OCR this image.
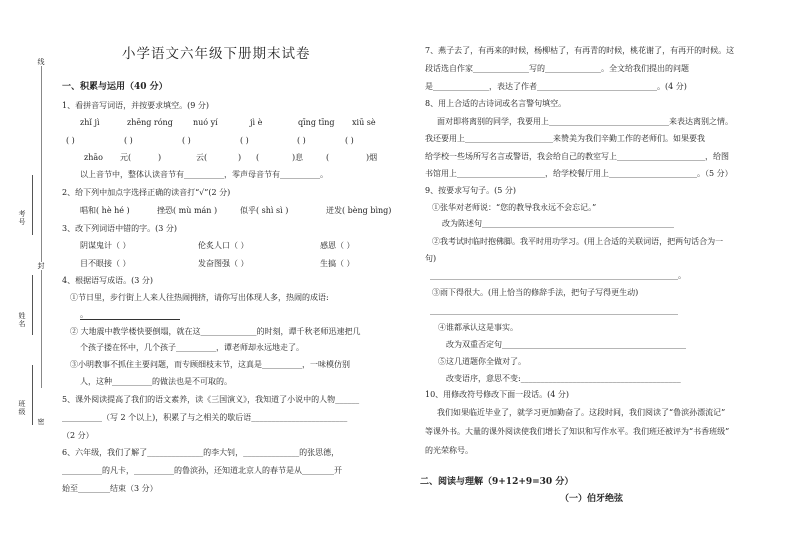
线
封
密
考号
姓名
班级
小学语文六年级下册期末试卷
一、积累与运用（40 分）
1、看拼音写词语，并按要求填空。(9 分)
zhǐ jì	zhēng róng	nuó yí	jì è	qīng tīng xiū sè
( )	( )	( )	( )	( )	( )
zhāo 元(	)	云(	) (	)息	(	)烟
以上音节中，整体认读音节有__________，零声母音节有__________。
2、给下列中加点字选择正确的读音打“√”(2 分)
唱和( hè hé )	挫恐( mù mán )	似乎( shì sì )	迸发( bèng bìng)
3、改下列词语中错的字。(3 分)
阴谋鬼计（ ）	伦炙人口（ ）	感恩（ ）
目不眼接（ ）	发奋图强（ ）	生搞（ ）
4、根据语写成语。(3 分)
①节日里，步行街上人来人往热闹拥挤，请你写出体现人多，热闹的成语:
。
② 大地震中教学楼快要倒塌，就在这______________的时刻，谭千秋老师迅速把几
个孩子搂在怀中，几个孩子__________，谭老师却永远地走了。
③小明教事不抓住主要问题，而专顾细枝末节，这真是__________，一味模仿别
人，这种__________的做法也是不可取的。
5、课外阅读提高了我们的语文素养，读《三国演义》，我知道了小说中的人物______
__________（写 2 个以上)，积累了与之相关的歇后语________________________
（2 分）
6、六年级，我们了解了______________的李大钊，______________的张思德，
__________的凡卡，__________的鲁滨孙，还知道北京人的春节是从________开
始至________结束（3 分）
7、燕子去了，有再来的时候，杨柳枯了，有再青的时候，桃花谢了，有再开的时候。这
段话选自作家______________写的______________。全文给我们提出的问题
是______________，表达了作者______________________________。(4 分)
8、用上合适的古诗词或名言警句填空。
面对即将离别的同学，我要用上______________________________来表达离别之情。
我还要用上______________________来赞美为我们辛勤工作的老师们。如果要我
给学校一些场所写名言或警语，我会给自己的教室写上______________________，给图
书馆用上______________________，给学校餐厅用上______________________。（5 分）
9、按要求写句子。(5 分)
①张华对老师说：“您的教导我永远不会忘记。”
改为陈述句________________________________________________
②我考试时临时抱佛脚。我平时用功学习。(用上合适的关联词语，把两句话合为一
句)
______________________________________________________________。
③雨下得很大。(用上恰当的修辞手法，把句子写得更生动)
______________________________________________________________
④谁都承认这是事实。
改为双重否定句______________________________________________
⑤这几道题你全做对了。
改变语序，意思不变:________________________________________
10、用修改符号修改下面一段话。(4 分)
我们如果临近毕业了，就学习更加勤奋了。这段时间，我们阅读了“鲁滨孙漂流记”
等课外书。大量的课外阅读使我们增长了知识和写作水平。我们班还被评为“书香班级”
的光荣称号。
二、阅读与理解（9+12+9=30 分）
（一）伯牙绝弦
